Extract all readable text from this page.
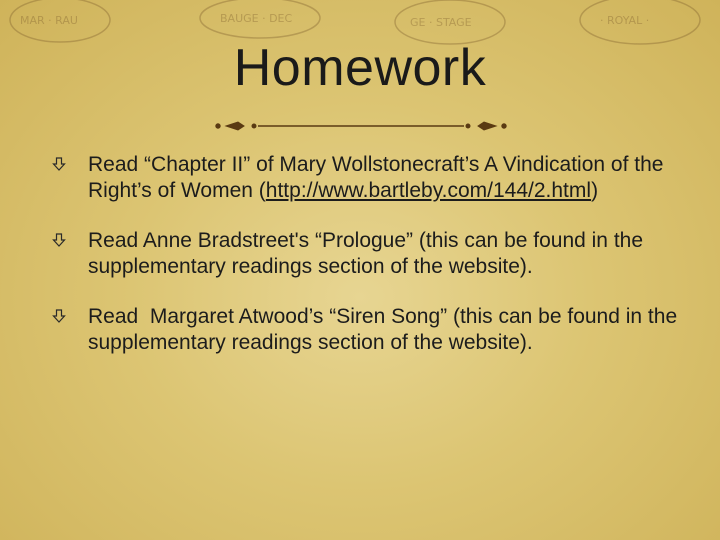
MAR · RAU	BAUGE · DEC	GE · STAGE	· ROYAL ·
Homework
Read “Chapter II” of Mary Wollstonecraft’s A Vindication of the Right’s of Women (http://www.bartleby.com/144/2.html)
Read Anne Bradstreet's “Prologue” (this can be found in the supplementary readings section of the website).
Read  Margaret Atwood’s “Siren Song” (this can be found in the supplementary readings section of the website).
